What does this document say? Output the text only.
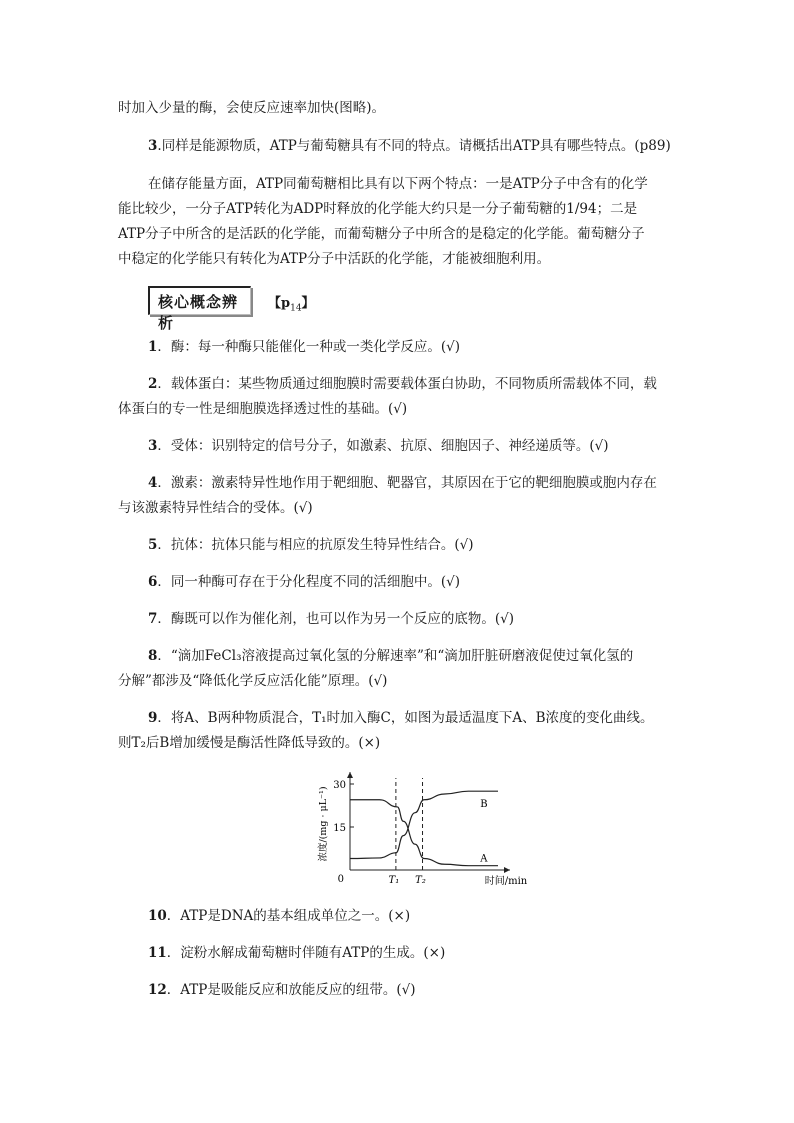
时加入少量的酶，会使反应速率加快(图略)。
3.同样是能源物质，ATP与葡萄糖具有不同的特点。请概括出ATP具有哪些特点。(p89)
在储存能量方面，ATP同葡萄糖相比具有以下两个特点：一是ATP分子中含有的化学
能比较少，一分子ATP转化为ADP时释放的化学能大约只是一分子葡萄糖的1/94；二是
ATP分子中所含的是活跃的化学能，而葡萄糖分子中所含的是稳定的化学能。葡萄糖分子
中稳定的化学能只有转化为ATP分子中活跃的化学能，才能被细胞利用。
核心概念辨析
【$p_{14}$】
1．酶：每一种酶只能催化一种或一类化学反应。(√)
2．载体蛋白：某些物质通过细胞膜时需要载体蛋白协助，不同物质所需载体不同，载
体蛋白的专一性是细胞膜选择透过性的基础。(√)
3．受体：识别特定的信号分子，如激素、抗原、细胞因子、神经递质等。(√)
4．激素：激素特异性地作用于靶细胞、靶器官，其原因在于它的靶细胞膜或胞内存在
与该激素特异性结合的受体。(√)
5．抗体：抗体只能与相应的抗原发生特异性结合。(√)
6．同一种酶可存在于分化程度不同的活细胞中。(√)
7．酶既可以作为催化剂，也可以作为另一个反应的底物。(√)
8．“滴加FeCl₃溶液提高过氧化氢的分解速率”和“滴加肝脏研磨液促使过氧化氢的
分解”都涉及“降低化学反应活化能”原理。(√)
9．将A、B两种物质混合，T₁时加入酶C，如图为最适温度下A、B浓度的变化曲线。
则T₂后B增加缓慢是酶活性降低导致的。(×)
0
15
30
T₁ T₂	时间/min
浓度/(mg · μL⁻¹)	B
A
10．ATP是DNA的基本组成单位之一。(×)
11．淀粉水解成葡萄糖时伴随有ATP的生成。(×)
12．ATP是吸能反应和放能反应的纽带。(√)
